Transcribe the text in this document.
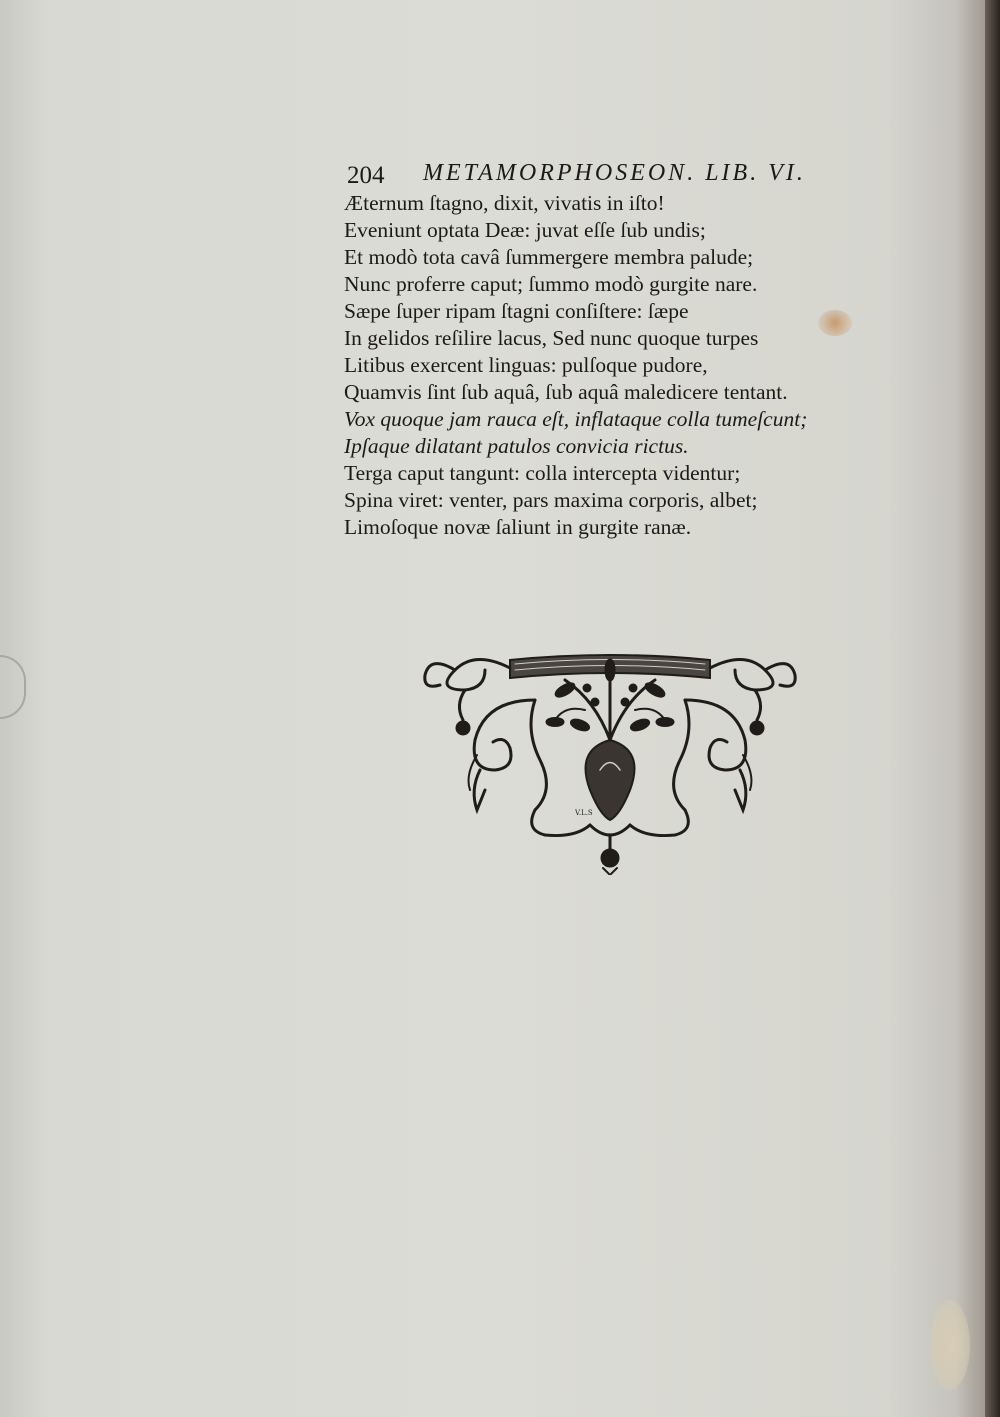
204 METAMORPHOSEON. LIB. VI.
Æternum ſtagno, dixit, vivatis in iſto!
Eveniunt optata Deæ: juvat eſſe ſub undis;
Et modò tota cavâ ſummergere membra palude;
Nunc proferre caput; ſummo modò gurgite nare.
Sæpe ſuper ripam ſtagni conſiſtere: ſæpe
In gelidos reſilire lacus, Sed nunc quoque turpes
Litibus exercent linguas: pulſoque pudore,
Quamvis ſint ſub aquâ, ſub aquâ maledicere tentant.
Vox quoque jam rauca eſt, inflataque colla tumeſcunt;
Ipſaque dilatant patulos convicia rictus.
Terga caput tangunt: colla intercepta videntur;
Spina viret: venter, pars maxima corporis, albet;
Limoſoque novæ ſaliunt in gurgite ranæ.
V.L.S
